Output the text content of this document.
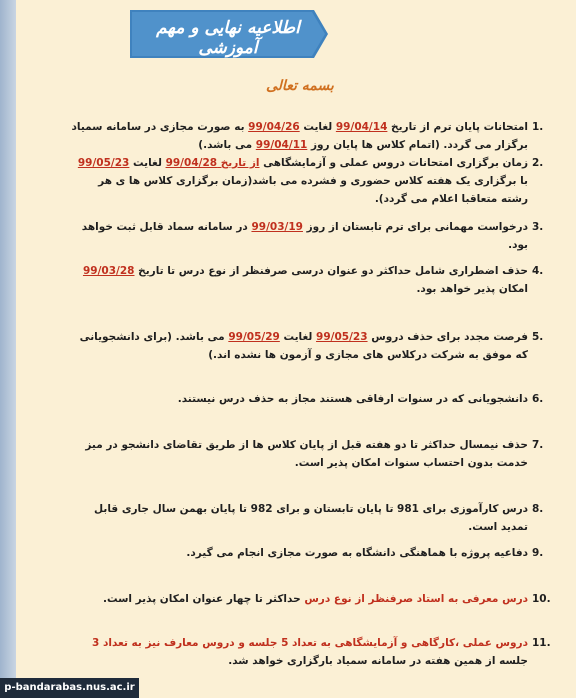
اطلاعیه نهایی و مهم آموزشی
بسمه تعالی
1.
امتحانات پایان ترم از تاریخ 99/04/14 لغایت 99/04/26 به صورت مجازی در سامانه سمیاد برگزار می گردد. (اتمام کلاس ها پایان روز 99/04/11 می باشد.)
2.
زمان برگزاری امتحانات دروس عملی و آزمایشگاهی از تاریخ 99/04/28 لغایت 99/05/23 با برگزاری یک هفته کلاس حضوری و فشرده می باشد(زمان برگزاری کلاس ها ی هر رشته متعاقبا اعلام می گردد).
3.
درخواست مهمانی برای ترم تابستان از روز 99/03/19 در سامانه سماد قابل ثبت خواهد بود.
4.
حذف اضطراری شامل حداکثر دو عنوان درسی صرفنظر از نوع درس تا تاریخ 99/03/28 امکان پذیر خواهد بود.
5.
فرصت مجدد برای حذف دروس 99/05/23 لغایت 99/05/29 می باشد. (برای دانشجویانی که موفق به شرکت درکلاس های مجازی و آزمون ها نشده اند.)
6.
دانشجویانی که در سنوات ارفاقی هستند مجاز به حذف درس نیستند.
7.
حذف نیمسال حداکثر تا دو هفته قبل از پایان کلاس ها از طریق تقاضای دانشجو در میز خدمت بدون احتساب سنوات امکان پذیر است.
8.
درس کارآموزی برای 981 تا پایان تابستان و برای 982 تا پایان بهمن سال جاری قابل تمدید است.
9.
دفاعیه پروژه با هماهنگی دانشگاه به صورت مجازی انجام می گیرد.
10.
درس معرفی به استاد صرفنظر از نوع درس حداکثر تا چهار عنوان امکان پذیر است.
11.
دروس عملی ،کارگاهی و آزمایشگاهی به تعداد 5 جلسه و دروس معارف نیز به تعداد 3 جلسه از همین هفته در سامانه سمیاد بارگزاری خواهد شد.
p-bandarabas.nus.ac.ir
